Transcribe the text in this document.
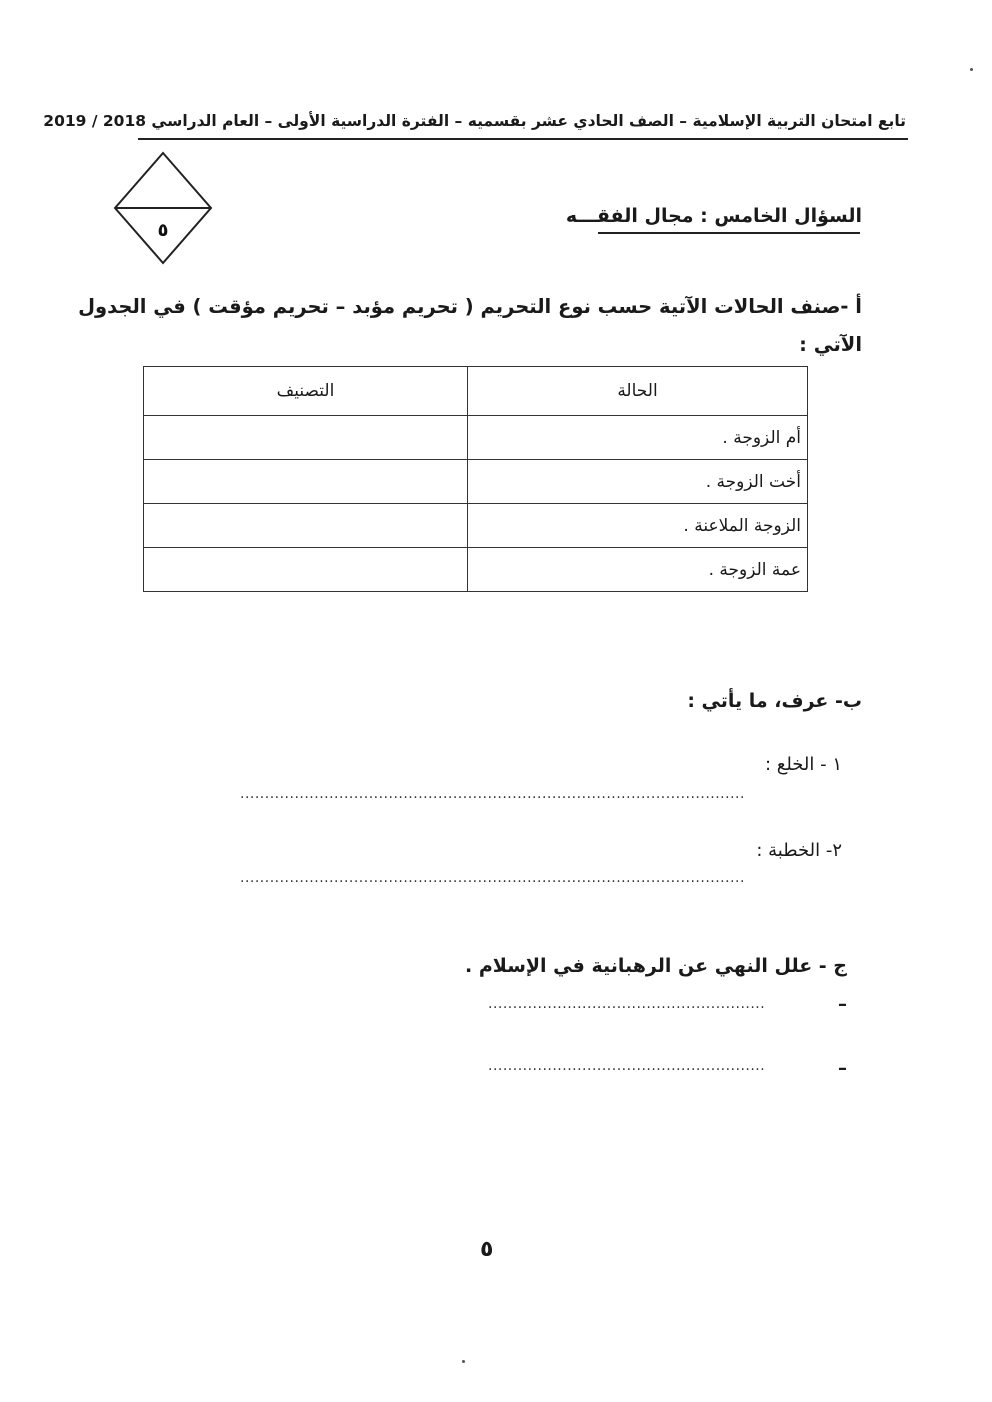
تابع امتحان التربية الإسلامية – الصف الحادي عشر بقسميه – الفترة الدراسية الأولى – العام الدراسي 2018 / 2019
٥
السؤال الخامس : مجال الفقـــه
أ -صنف الحالات الآتية حسب نوع التحريم ( تحريم مؤبد – تحريم مؤقت ) في الجدول
الآتي :
الحالة	التصنيف
أم الزوجة .	
أخت الزوجة .	
الزوجة الملاعنة .	
عمة الزوجة .	
ب- عرف، ما يأتي :
١ - الخلع :
......................................................................................................
٢- الخطبة :
......................................................................................................
ج - علل النهي عن الرهبانية في الإسلام .
–
........................................................
–
........................................................
٥
